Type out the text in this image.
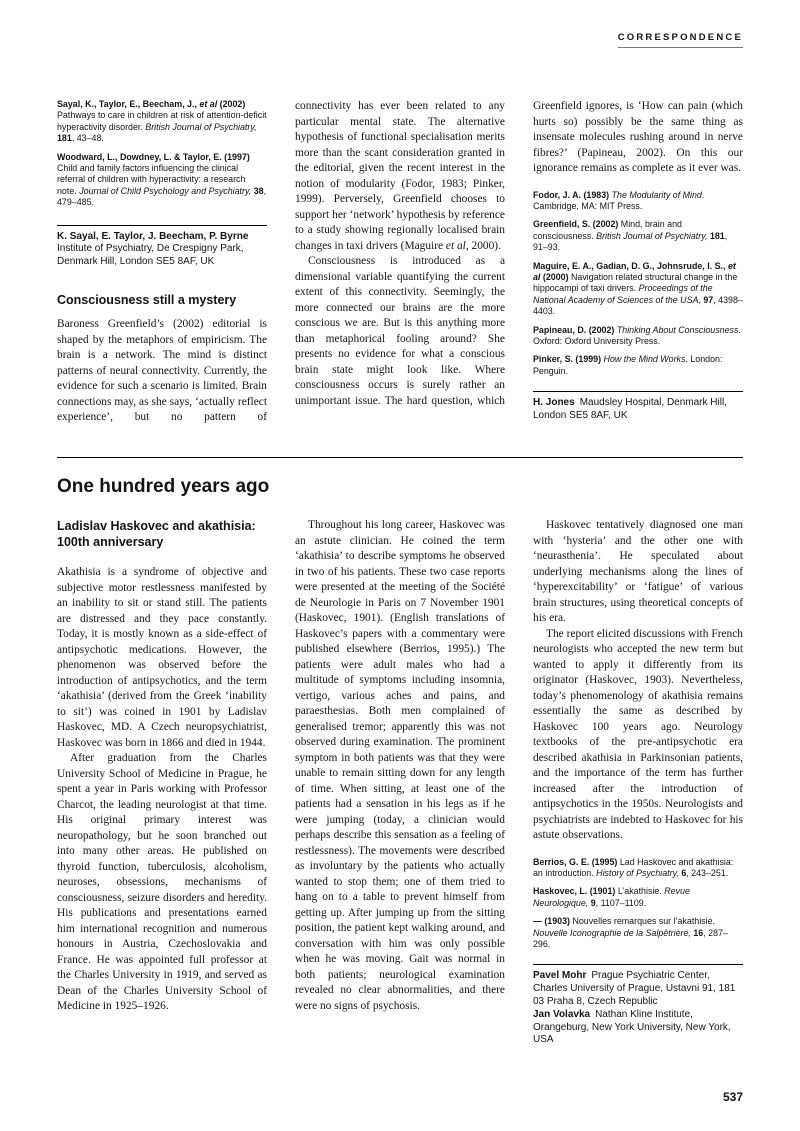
CORRESPONDENCE
Sayal, K., Taylor, E., Beecham, J., et al (2002) Pathways to care in children at risk of attention-deficit hyperactivity disorder. British Journal of Psychiatry, 181, 43–48.
Woodward, L., Dowdney, L. & Taylor, E. (1997) Child and family factors influencing the clinical referral of children with hyperactivity: a research note. Journal of Child Psychology and Psychiatry, 38, 479–485.
K. Sayal, E. Taylor, J. Beecham, P. Byrne
Institute of Psychiatry, De Crespigny Park, Denmark Hill, London SE5 8AF, UK
Consciousness still a mystery

Baroness Greenfield’s (2002) editorial is shaped by the metaphors of empiricism. The brain is a network. The mind is distinct patterns of neural connectivity. Currently, the evidence for such a scenario is limited. Brain connections may, as she says, ‘actually reflect experience’, but no pattern of

connectivity has ever been related to any particular mental state. The alternative hypothesis of functional specialisation merits more than the scant consideration granted in the editorial, given the recent interest in the notion of modularity (Fodor, 1983; Pinker, 1999). Perversely, Greenfield chooses to support her ‘network’ hypothesis by reference to a study showing regionally localised brain changes in taxi drivers (Maguire et al, 2000).

Consciousness is introduced as a dimensional variable quantifying the current extent of this connectivity. Seemingly, the more connected our brains are the more conscious we are. But is this anything more than metaphorical fooling around? She presents no evidence for what a conscious brain state might look like. Where consciousness occurs is surely rather an unimportant issue. The hard question, which

Greenfield ignores, is ‘How can pain (which hurts so) possibly be the same thing as insensate molecules rushing around in nerve fibres?’ (Papineau, 2002). On this our ignorance remains as complete as it ever was.

Fodor, J. A. (1983) The Modularity of Mind. Cambridge, MA: MIT Press.
Greenfield, S. (2002) Mind, brain and consciousness. British Journal of Psychiatry, 181, 91–93.
Maguire, E. A., Gadian, D. G., Johnsrude, I. S., et al (2000) Navigation related structural change in the hippocampi of taxi drivers. Proceedings of the National Academy of Sciences of the USA, 97, 4398–4403.
Papineau, D. (2002) Thinking About Consciousness. Oxford: Oxford University Press.
Pinker, S. (1999) How the Mind Works. London: Penguin.
H. Jones Maudsley Hospital, Denmark Hill, London SE5 8AF, UK
One hundred years ago
Ladislav Haskovec and akathisia: 100th anniversary

Akathisia is a syndrome of objective and subjective motor restlessness manifested by an inability to sit or stand still. The patients are distressed and they pace constantly. Today, it is mostly known as a side-effect of antipsychotic medications. However, the phenomenon was observed before the introduction of antipsychotics, and the term ‘akathisia’ (derived from the Greek ‘inability to sit’) was coined in 1901 by Ladislav Haskovec, MD. A Czech neuropsychiatrist, Haskovec was born in 1866 and died in 1944.

After graduation from the Charles University School of Medicine in Prague, he spent a year in Paris working with Professor Charcot, the leading neurologist at that time. His original primary interest was neuropathology, but he soon branched out into many other areas. He published on thyroid function, tuberculosis, alcoholism, neuroses, obsessions, mechanisms of consciousness, seizure disorders and heredity. His publications and presentations earned him international recognition and numerous honours in Austria, Czechoslovakia and France. He was appointed full professor at the Charles University in 1919, and served as Dean of the Charles University School of Medicine in 1925–1926.

Throughout his long career, Haskovec was an astute clinician. He coined the term ‘akathisia’ to describe symptoms he observed in two of his patients. These two case reports were presented at the meeting of the Société de Neurologie in Paris on 7 November 1901 (Haskovec, 1901). (English translations of Haskovec’s papers with a commentary were published elsewhere (Berrios, 1995).) The patients were adult males who had a multitude of symptoms including insomnia, vertigo, various aches and pains, and paraesthesias. Both men complained of generalised tremor; apparently this was not observed during examination. The prominent symptom in both patients was that they were unable to remain sitting down for any length of time. When sitting, at least one of the patients had a sensation in his legs as if he were jumping (today, a clinician would perhaps describe this sensation as a feeling of restlessness). The movements were described as involuntary by the patients who actually wanted to stop them; one of them tried to hang on to a table to prevent himself from getting up. After jumping up from the sitting position, the patient kept walking around, and conversation with him was only possible when he was moving. Gait was normal in both patients; neurological examination revealed no clear abnormalities, and there were no signs of psychosis.

Haskovec tentatively diagnosed one man with ‘hysteria’ and the other one with ‘neurasthenia’. He speculated about underlying mechanisms along the lines of ‘hyperexcitability’ or ‘fatigue’ of various brain structures, using theoretical concepts of his era.

The report elicited discussions with French neurologists who accepted the new term but wanted to apply it differently from its originator (Haskovec, 1903). Nevertheless, today’s phenomenology of akathisia remains essentially the same as described by Haskovec 100 years ago. Neurology textbooks of the pre-antipsychotic era described akathisia in Parkinsonian patients, and the importance of the term has further increased after the introduction of antipsychotics in the 1950s. Neurologists and psychiatrists are indebted to Haskovec for his astute observations.

Berrios, G. E. (1995) Lad Haskovec and akathisia: an introduction. History of Psychiatry, 6, 243–251.
Haskovec, L. (1901) L’akathisie. Revue Neurologique, 9, 1107–1109.
— (1903) Nouvelles remarques sur l’akathisie. Nouvelle Iconographie de la Salpêtrière, 16, 287–296.
Pavel Mohr Prague Psychiatric Center, Charles University of Prague, Ustavni 91, 181 03 Praha 8, Czech Republic
Jan Volavka Nathan Kline Institute, Orangeburg, New York University, New York, USA
537
